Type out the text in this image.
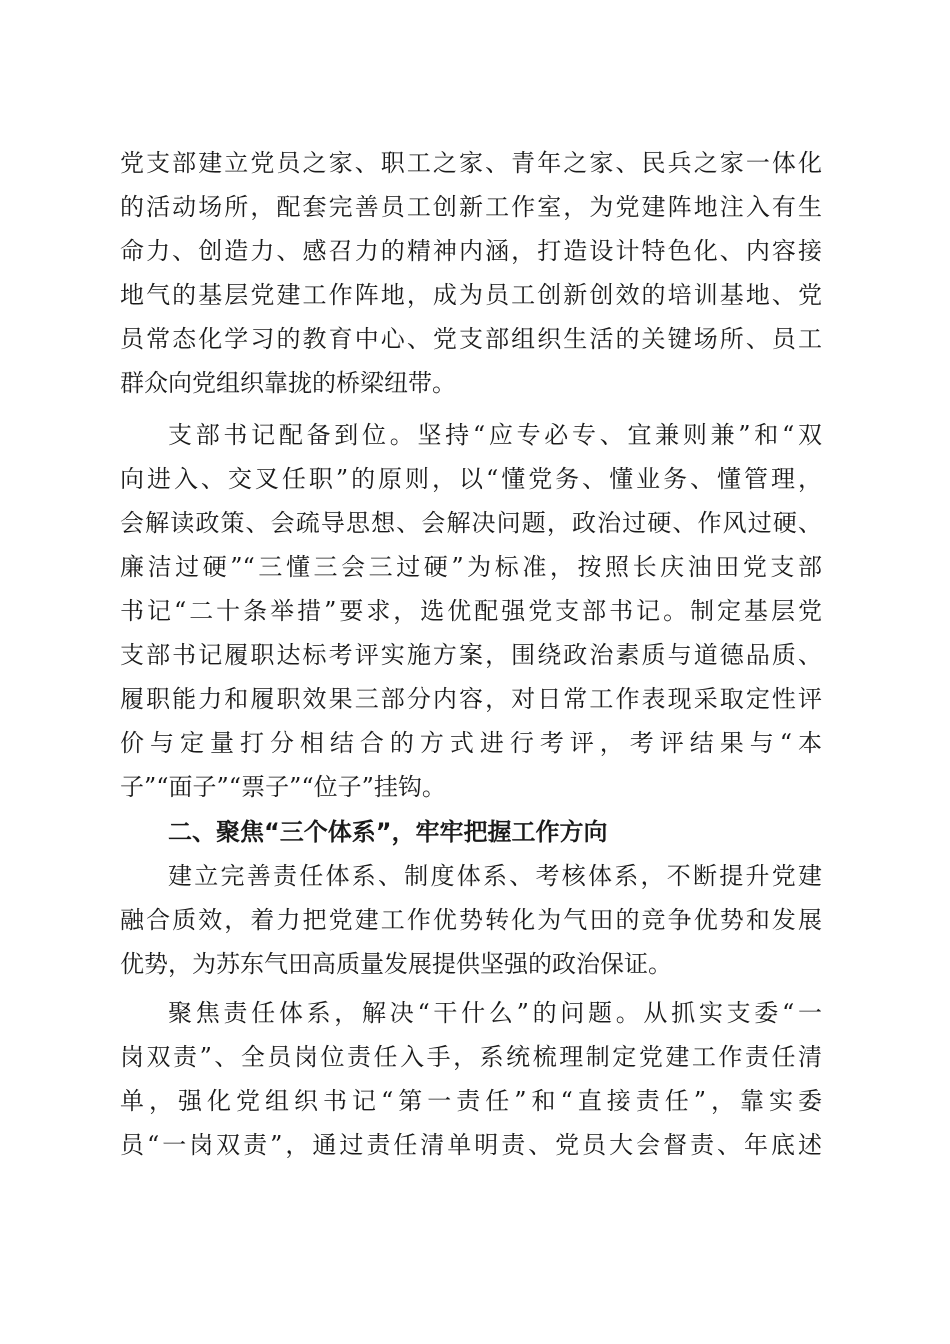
党支部建立党员之家、职工之家、青年之家、民兵之家一体化
的活动场所，配套完善员工创新工作室，为党建阵地注入有生
命力、创造力、感召力的精神内涵，打造设计特色化、内容接
地气的基层党建工作阵地，成为员工创新创效的培训基地、党
员常态化学习的教育中心、党支部组织生活的关键场所、员工
群众向党组织靠拢的桥梁纽带。
支部书记配备到位。坚持“应专必专、宜兼则兼”和“双
向进入、交叉任职”的原则，以“懂党务、懂业务、懂管理，
会解读政策、会疏导思想、会解决问题，政治过硬、作风过硬、
廉洁过硬”“三懂三会三过硬”为标准，按照长庆油田党支部
书记“二十条举措”要求，选优配强党支部书记。制定基层党
支部书记履职达标考评实施方案，围绕政治素质与道德品质、
履职能力和履职效果三部分内容，对日常工作表现采取定性评
价与定量打分相结合的方式进行考评，考评结果与“本
子”“面子”“票子”“位子”挂钩。
二、聚焦“三个体系”，牢牢把握工作方向
建立完善责任体系、制度体系、考核体系，不断提升党建
融合质效，着力把党建工作优势转化为气田的竞争优势和发展
优势，为苏东气田高质量发展提供坚强的政治保证。
聚焦责任体系，解决“干什么”的问题。从抓实支委“一
岗双责”、全员岗位责任入手，系统梳理制定党建工作责任清
单，强化党组织书记“第一责任”和“直接责任”，靠实委
员“一岗双责”，通过责任清单明责、党员大会督责、年底述
